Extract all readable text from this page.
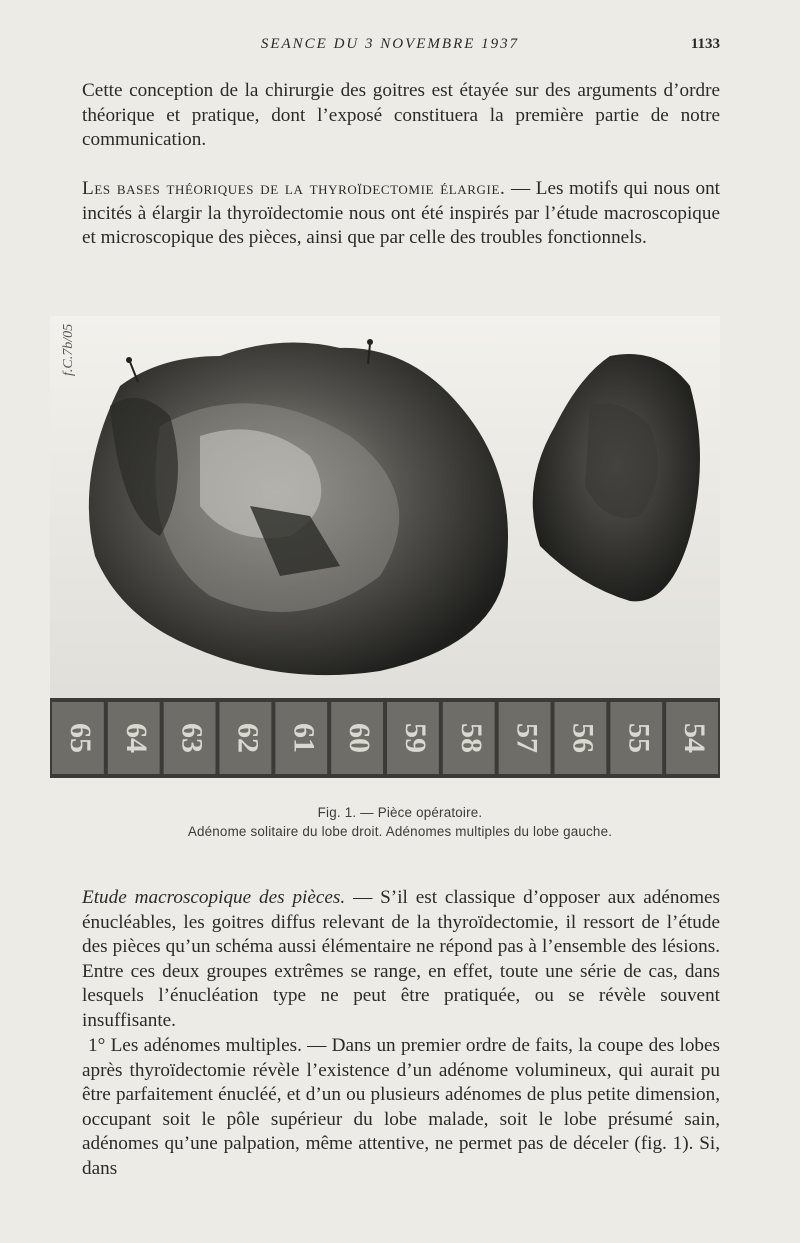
SEANCE DU 3 NOVEMBRE 1937	1133

Cette conception de la chirurgie des goitres est étayée sur des arguments d’ordre théorique et pratique, dont l’exposé constituera la première partie de notre communication.

Les bases théoriques de la thyroïdectomie élargie. — Les motifs qui nous ont incités à élargir la thyroïdectomie nous ont été inspirés par l’étude macroscopique et microscopique des pièces, ainsi que par celle des troubles fonctionnels.

f.C.7b/05
65 64 63 62 61 60 59 58 57 56 55 54
Fig. 1. — Pièce opératoire.
Adénome solitaire du lobe droit. Adénomes multiples du lobe gauche.

Etude macroscopique des pièces. — S’il est classique d’opposer aux adénomes énucléables, les goitres diffus relevant de la thyroïdectomie, il ressort de l’étude des pièces qu’un schéma aussi élémentaire ne répond pas à l’ensemble des lésions. Entre ces deux groupes extrêmes se range, en effet, toute une série de cas, dans lesquels l’énucléation type ne peut être pratiquée, ou se révèle souvent insuffisante.

1° Les adénomes multiples. — Dans un premier ordre de faits, la coupe des lobes après thyroïdectomie révèle l’existence d’un adénome volumineux, qui aurait pu être parfaitement énucléé, et d’un ou plusieurs adénomes de plus petite dimension, occupant soit le pôle supérieur du lobe malade, soit le lobe présumé sain, adénomes qu’une palpation, même attentive, ne permet pas de déceler (fig. 1). Si, dans
